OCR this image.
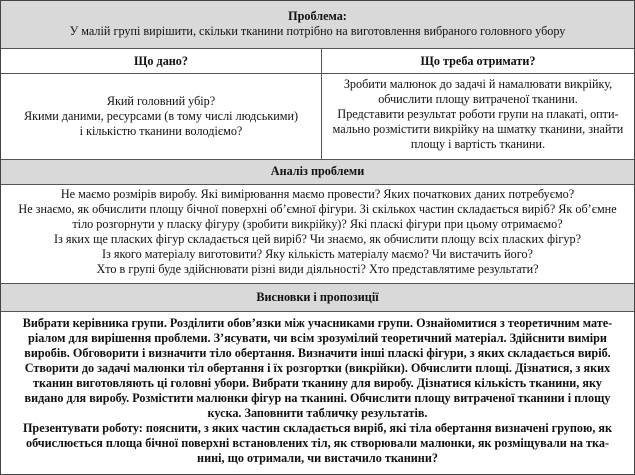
Проблема:

У малій групі вирішити, скільки тканини потрібно на виготовлення вибраного головного убору

Що дано?	Що треба отримати?

Який головний убір?

Якими даними, ресурсами (в тому числі людськими)

і кількістю тканини володіємо?

Зробити малюнок до задачі й намалювати викрійку,

обчислити площу витраченої тканини.

Представити результат роботи групи на плакаті, опти-

мально розмістити викрійку на шматку тканини, знайти

площу і вартість тканини.

Аналіз проблеми

Не маємо розмірів виробу. Які вимірювання маємо провести? Яких початкових даних потребуємо?

Не знаємо, як обчислити площу бічної поверхні об’ємної фігури. Зі скількох частин складається виріб? Як об’ємне

тіло розгорнути у плаcку фігуру (зробити викрійку)? Які плаcкі фігури при цьому отримаємо?

Із яких ще плаcких фігур складається цей виріб? Чи знаємо, як обчислити площу всіх плаcких фігур?

Із якого матеріалу виготовити? Яку кількість матеріалу маємо? Чи вистачить його?

Хто в групі буде здійснювати різні види діяльності? Хто представлятиме результати?

Висновки і пропозиції

Вибрати керівника групи. Розділити обов’язки між учасниками групи. Ознайомитися з теоретичним мате-

ріалом для вирішення проблеми. З’ясувати, чи всім зрозумілий теоретичний матеріал. Здійснити виміри

виробів. Обговорити і визначити тіло обертання. Визначити інші плаcкі фігури, з яких складається виріб.

Створити до задачі малюнки тіл обертання і їх розгортки (викрійки). Обчислити площі. Дізнатися, з яких

тканин виготовляють ці головні убори. Вибрати тканину для виробу. Дізнатися кількість тканини, яку

видано для виробу. Розмістити малюнки фігур на тканині. Обчислити площу витраченої тканини і площу

куска. Заповнити табличку результатів.

Презентувати роботу: пояснити, з яких частин складається виріб, які тіла обертання визначені групою, як

обчислюється площа бічної поверхні встановлених тіл, як створювали малюнки, як розміщували на тка-

нині, що отримали, чи вистачило тканини?
